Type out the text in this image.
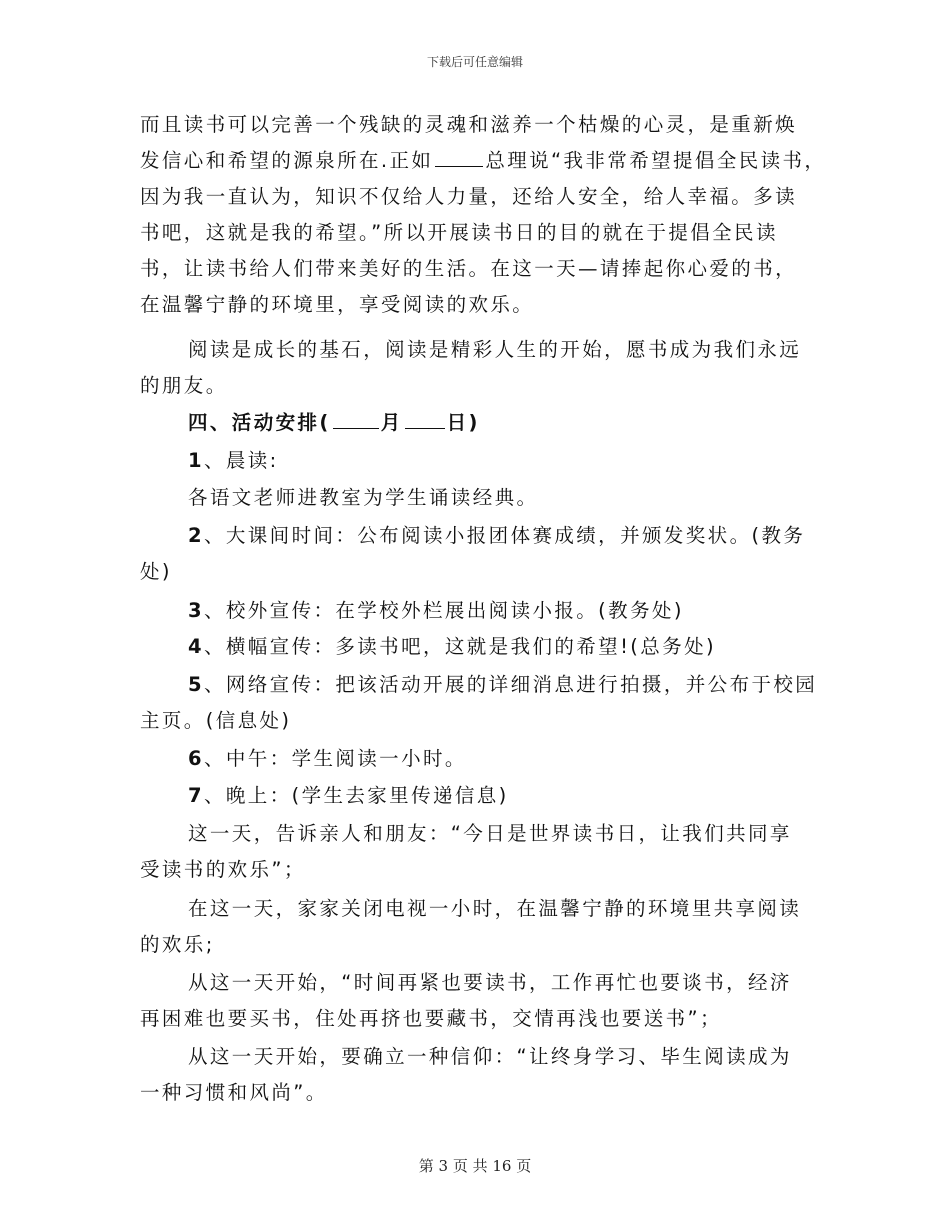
下载后可任意编辑
而且读书可以完善一个残缺的灵魂和滋养一个枯燥的心灵，是重新焕
发信心和希望的源泉所在.正如	总理说“我非常希望提倡全民读书，
因为我一直认为，知识不仅给人力量，还给人安全，给人幸福。多读
书吧，这就是我的希望。”所以开展读书日的目的就在于提倡全民读
书，让读书给人们带来美好的生活。在这一天—请捧起你心爱的书，
在温馨宁静的环境里，享受阅读的欢乐。
阅读是成长的基石，阅读是精彩人生的开始，愿书成为我们永远
的朋友。
四、活动安排(	月 日)
1、晨读:
各语文老师进教室为学生诵读经典。
2、大课间时间：公布阅读小报团体赛成绩，并颁发奖状。(教务
处)
3、校外宣传：在学校外栏展出阅读小报。(教务处)
4、横幅宣传：多读书吧，这就是我们的希望!(总务处)
5、网络宣传：把该活动开展的详细消息进行拍摄，并公布于校园
主页。(信息处)
6、中午：学生阅读一小时。
7、晚上：(学生去家里传递信息)
这一天，告诉亲人和朋友：“今日是世界读书日，让我们共同享
受读书的欢乐”；
在这一天，家家关闭电视一小时，在温馨宁静的环境里共享阅读
的欢乐;
从这一天开始，“时间再紧也要读书，工作再忙也要谈书，经济
再困难也要买书，住处再挤也要藏书，交情再浅也要送书”；
从这一天开始，要确立一种信仰：“让终身学习、毕生阅读成为
一种习惯和风尚”。
第 3 页 共 16 页
